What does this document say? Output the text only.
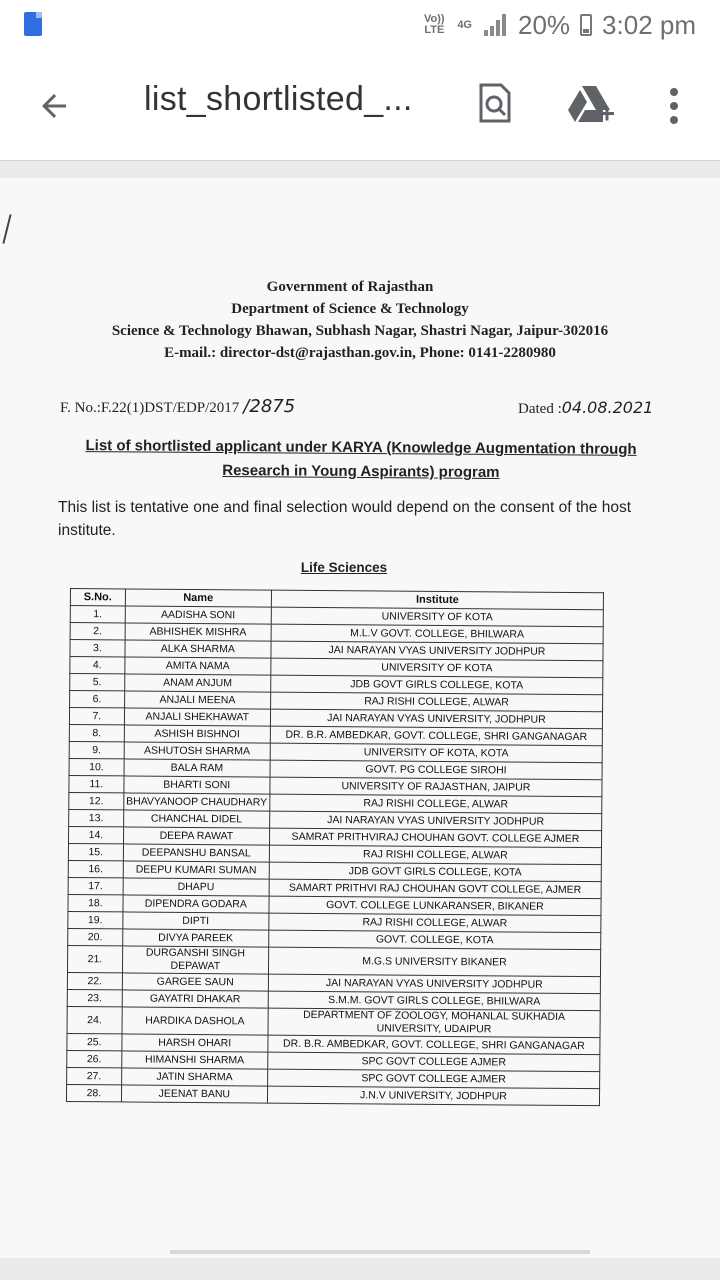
Vo)) LTE 4G 20% 3:02 pm
list_shortlisted_...
Government of Rajasthan
Department of Science & Technology
Science & Technology Bhawan, Subhash Nagar, Shastri Nagar, Jaipur-302016
E-mail.: director-dst@rajasthan.gov.in, Phone: 0141-2280980
F. No.:F.22(1)DST/EDP/2017 /2875	Dated :04.08.2021
List of shortlisted applicant under KARYA (Knowledge Augmentation through Research in Young Aspirants) program
This list is tentative one and final selection would depend on the consent of the host institute.
Life Sciences
S.No.	Name	Institute
1.	AADISHA SONI	UNIVERSITY OF KOTA
2.	ABHISHEK MISHRA	M.L.V GOVT. COLLEGE, BHILWARA
3.	ALKA SHARMA	JAI NARAYAN VYAS UNIVERSITY JODHPUR
4.	AMITA NAMA	UNIVERSITY OF KOTA
5.	ANAM ANJUM	JDB GOVT GIRLS COLLEGE, KOTA
6.	ANJALI MEENA	RAJ RISHI COLLEGE, ALWAR
7.	ANJALI SHEKHAWAT	JAI NARAYAN VYAS UNIVERSITY, JODHPUR
8.	ASHISH BISHNOI	DR. B.R. AMBEDKAR, GOVT. COLLEGE, SHRI GANGANAGAR
9.	ASHUTOSH SHARMA	UNIVERSITY OF KOTA, KOTA
10.	BALA RAM	GOVT. PG COLLEGE SIROHI
11.	BHARTI SONI	UNIVERSITY OF RAJASTHAN, JAIPUR
12.	BHAVYANOOP CHAUDHARY	RAJ RISHI COLLEGE, ALWAR
13.	CHANCHAL DIDEL	JAI NARAYAN VYAS UNIVERSITY JODHPUR
14.	DEEPA RAWAT	SAMRAT PRITHVIRAJ CHOUHAN GOVT. COLLEGE AJMER
15.	DEEPANSHU BANSAL	RAJ RISHI COLLEGE, ALWAR
16.	DEEPU KUMARI SUMAN	JDB GOVT GIRLS COLLEGE, KOTA
17.	DHAPU	SAMART PRITHVI RAJ CHOUHAN GOVT COLLEGE, AJMER
18.	DIPENDRA GODARA	GOVT. COLLEGE LUNKARANSER, BIKANER
19.	DIPTI	RAJ RISHI COLLEGE, ALWAR
20.	DIVYA PAREEK	GOVT. COLLEGE, KOTA
21.	DURGANSHI SINGH DEPAWAT	M.G.S UNIVERSITY BIKANER
22.	GARGEE SAUN	JAI NARAYAN VYAS UNIVERSITY JODHPUR
23.	GAYATRI DHAKAR	S.M.M. GOVT GIRLS COLLEGE, BHILWARA
24.	HARDIKA DASHOLA	DEPARTMENT OF ZOOLOGY, MOHANLAL SUKHADIA UNIVERSITY, UDAIPUR
25.	HARSH OHARI	DR. B.R. AMBEDKAR, GOVT. COLLEGE, SHRI GANGANAGAR
26.	HIMANSHI SHARMA	SPC GOVT COLLEGE AJMER
27.	JATIN SHARMA	SPC GOVT COLLEGE AJMER
28.	JEENAT BANU	J.N.V UNIVERSITY, JODHPUR
